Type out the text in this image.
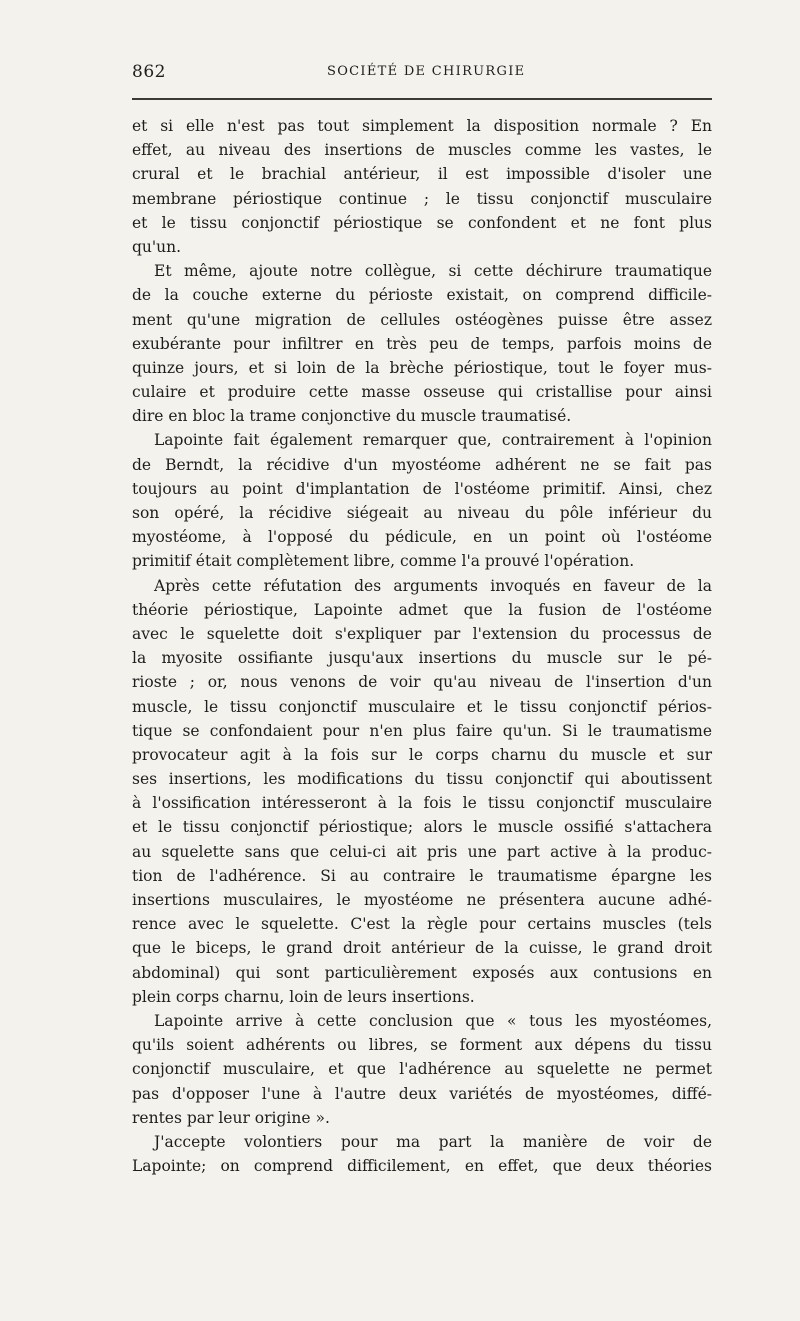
862	SOCIÉTÉ DE CHIRURGIE
et si elle n'est pas tout simplement la disposition normale ? En
effet, au niveau des insertions de muscles comme les vastes, le
crural et le brachial antérieur, il est impossible d'isoler une
membrane périostique continue ; le tissu conjonctif musculaire
et le tissu conjonctif périostique se confondent et ne font plus
qu'un.
Et même, ajoute notre collègue, si cette déchirure traumatique
de la couche externe du périoste existait, on comprend difficile-
ment qu'une migration de cellules ostéogènes puisse être assez
exubérante pour infiltrer en très peu de temps, parfois moins de
quinze jours, et si loin de la brèche périostique, tout le foyer mus-
culaire et produire cette masse osseuse qui cristallise pour ainsi
dire en bloc la trame conjonctive du muscle traumatisé.
Lapointe fait également remarquer que, contrairement à l'opinion
de Berndt, la récidive d'un myostéome adhérent ne se fait pas
toujours au point d'implantation de l'ostéome primitif. Ainsi, chez
son opéré, la récidive siégeait au niveau du pôle inférieur du
myostéome, à l'opposé du pédicule, en un point où l'ostéome
primitif était complètement libre, comme l'a prouvé l'opération.
Après cette réfutation des arguments invoqués en faveur de la
théorie périostique, Lapointe admet que la fusion de l'ostéome
avec le squelette doit s'expliquer par l'extension du processus de
la myosite ossifiante jusqu'aux insertions du muscle sur le pé-
rioste ; or, nous venons de voir qu'au niveau de l'insertion d'un
muscle, le tissu conjonctif musculaire et le tissu conjonctif périos-
tique se confondaient pour n'en plus faire qu'un. Si le traumatisme
provocateur agit à la fois sur le corps charnu du muscle et sur
ses insertions, les modifications du tissu conjonctif qui aboutissent
à l'ossification intéresseront à la fois le tissu conjonctif musculaire
et le tissu conjonctif périostique; alors le muscle ossifié s'attachera
au squelette sans que celui-ci ait pris une part active à la produc-
tion de l'adhérence. Si au contraire le traumatisme épargne les
insertions musculaires, le myostéome ne présentera aucune adhé-
rence avec le squelette. C'est la règle pour certains muscles (tels
que le biceps, le grand droit antérieur de la cuisse, le grand droit
abdominal) qui sont particulièrement exposés aux contusions en
plein corps charnu, loin de leurs insertions.
Lapointe arrive à cette conclusion que « tous les myostéomes,
qu'ils soient adhérents ou libres, se forment aux dépens du tissu
conjonctif musculaire, et que l'adhérence au squelette ne permet
pas d'opposer l'une à l'autre deux variétés de myostéomes, diffé-
rentes par leur origine ».
J'accepte volontiers pour ma part la manière de voir de
Lapointe; on comprend difficilement, en effet, que deux théories
